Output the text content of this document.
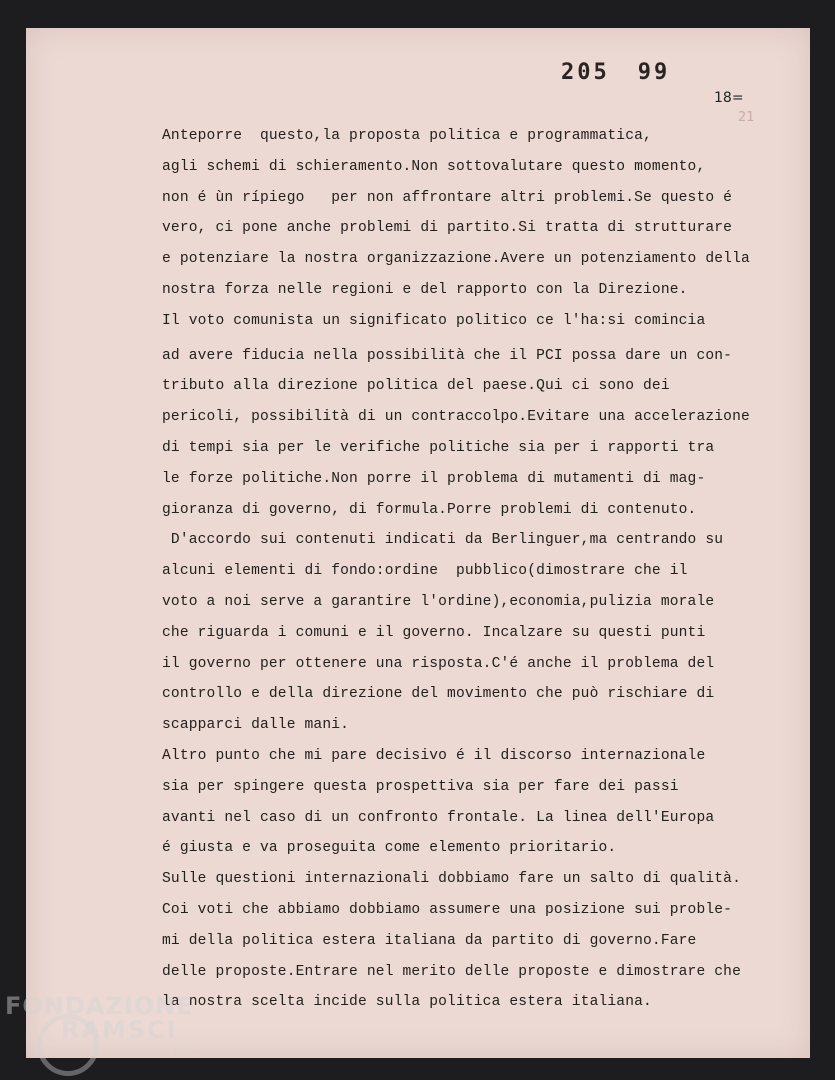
205 99
18=
21
Anteporre  questo,la proposta politica e programmatica,
agli schemi di schieramento.Non sottovalutare questo momento,
non é ùn rípiego   per non affrontare altri problemi.Se questo é
vero, ci pone anche problemi di partito.Si tratta di strutturare
e potenziare la nostra organizzazione.Avere un potenziamento della
nostra forza nelle regioni e del rapporto con la Direzione.
Il voto comunista un significato politico ce l'ha:si comincia
ad avere fiducia nella possibilità che il PCI possa dare un con-
tributo alla direzione politica del paese.Qui ci sono dei
pericoli, possibilità di un contraccolpo.Evitare una accelerazione
di tempi sia per le verifiche politiche sia per i rapporti tra
le forze politiche.Non porre il problema di mutamenti di mag-
gioranza di governo, di formula.Porre problemi di contenuto.
D'accordo sui contenuti indicati da Berlinguer,ma centrando su
alcuni elementi di fondo:ordine  pubblico(dimostrare che il
voto a noi serve a garantire l'ordine),economia,pulizia morale
che riguarda i comuni e il governo. Incalzare su questi punti
il governo per ottenere una risposta.C'é anche il problema del
controllo e della direzione del movimento che può rischiare di
scapparci dalle mani.
Altro punto che mi pare decisivo é il discorso internazionale
sia per spingere questa prospettiva sia per fare dei passi
avanti nel caso di un confronto frontale. La linea dell'Europa
é giusta e va proseguita come elemento prioritario.
Sulle questioni internazionali dobbiamo fare un salto di qualità.
Coi voti che abbiamo dobbiamo assumere una posizione sui proble-
mi della politica estera italiana da partito di governo.Fare
delle proposte.Entrare nel merito delle proposte e dimostrare che
la nostra scelta incide sulla politica estera italiana.
FONDAZIONE
RAMSCI
onlus
